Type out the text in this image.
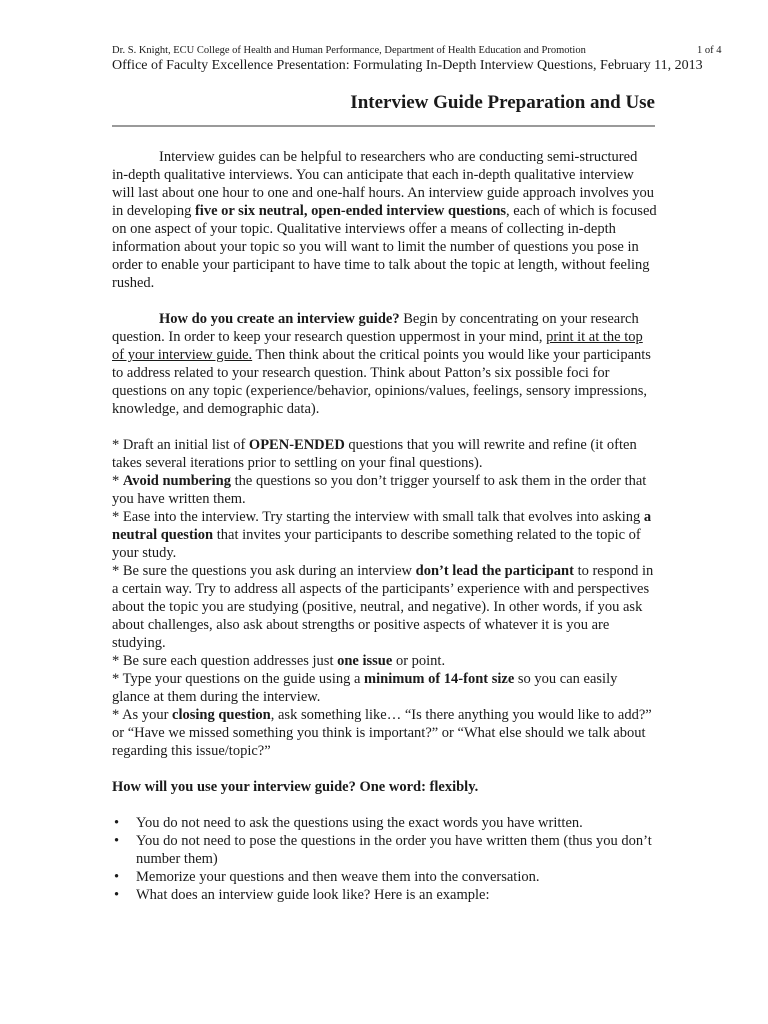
Dr. S. Knight, ECU College of Health and Human Performance, Department of Health Education and Promotion	1 of 4
Office of Faculty Excellence Presentation: Formulating In-Depth Interview Questions, February 11, 2013
Interview Guide Preparation and Use

Interview guides can be helpful to researchers who are conducting semi-structured in-depth qualitative interviews. You can anticipate that each in-depth qualitative interview will last about one hour to one and one-half hours. An interview guide approach involves you in developing five or six neutral, open-ended interview questions, each of which is focused on one aspect of your topic. Qualitative interviews offer a means of collecting in-depth information about your topic so you will want to limit the number of questions you pose in order to enable your participant to have time to talk about the topic at length, without feeling rushed.

How do you create an interview guide? Begin by concentrating on your research question. In order to keep your research question uppermost in your mind, print it at the top of your interview guide. Then think about the critical points you would like your participants to address related to your research question. Think about Patton’s six possible foci for questions on any topic (experience/behavior, opinions/values, feelings, sensory impressions, knowledge, and demographic data).

* Draft an initial list of OPEN-ENDED questions that you will rewrite and refine (it often takes several iterations prior to settling on your final questions).

* Avoid numbering the questions so you don’t trigger yourself to ask them in the order that you have written them.

* Ease into the interview. Try starting the interview with small talk that evolves into asking a neutral question that invites your participants to describe something related to the topic of your study.

* Be sure the questions you ask during an interview don’t lead the participant to respond in a certain way. Try to address all aspects of the participants’ experience with and perspectives about the topic you are studying (positive, neutral, and negative). In other words, if you ask about challenges, also ask about strengths or positive aspects of whatever it is you are studying.

* Be sure each question addresses just one issue or point.

* Type your questions on the guide using a minimum of 14-font size so you can easily glance at them during the interview.

* As your closing question, ask something like… “Is there anything you would like to add?” or “Have we missed something you think is important?” or “What else should we talk about regarding this issue/topic?”

How will you use your interview guide? One word: flexibly.

• You do not need to ask the questions using the exact words you have written.
• You do not need to pose the questions in the order you have written them (thus you don’t number them)
• Memorize your questions and then weave them into the conversation.
• What does an interview guide look like? Here is an example:
